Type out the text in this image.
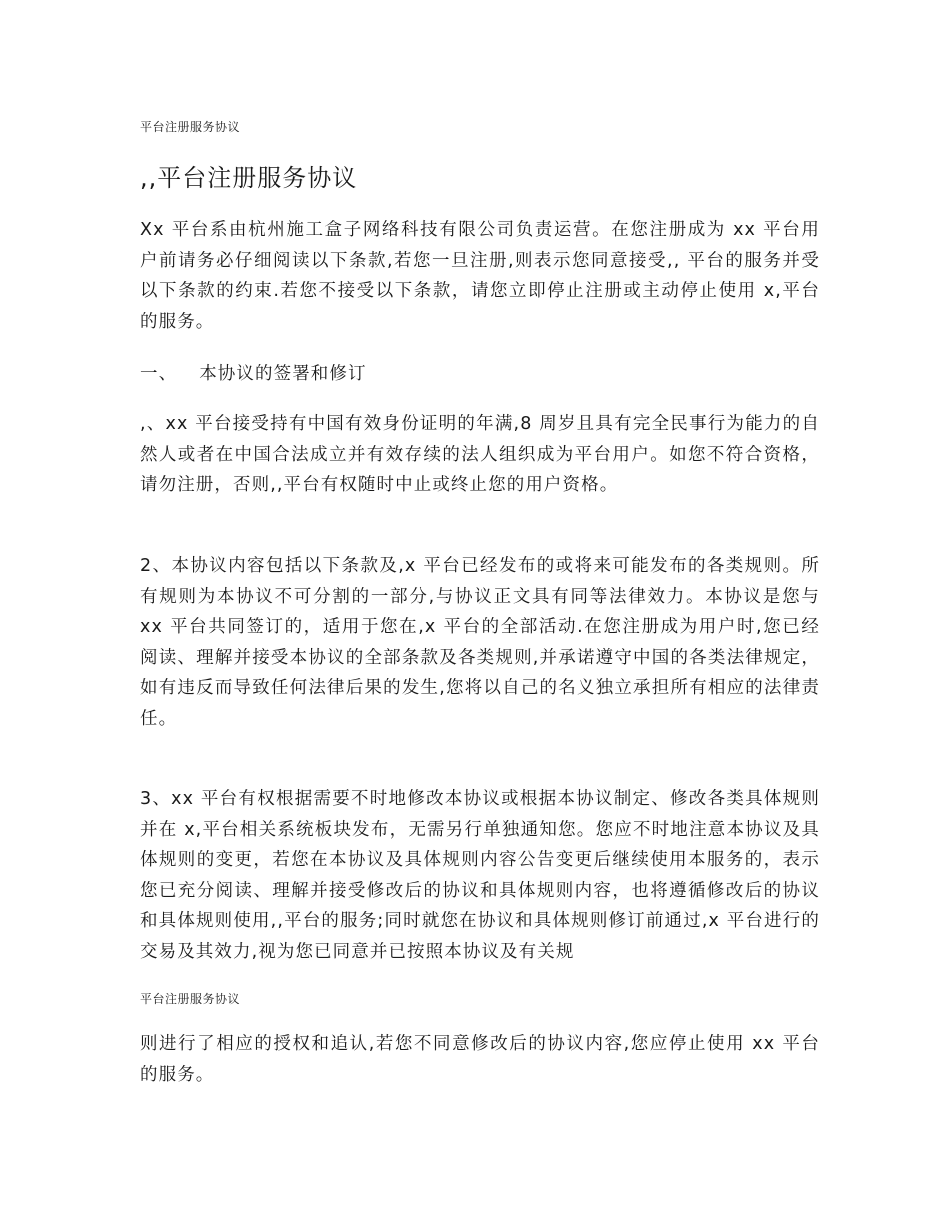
平台注册服务协议
,,平台注册服务协议

Xx 平台系由杭州施工盒子网络科技有限公司负责运营。在您注册成为 xx 平台用户前请务必仔细阅读以下条款,若您一旦注册,则表示您同意接受,, 平台的服务并受以下条款的约束.若您不接受以下条款，请您立即停止注册或主动停止使用 x,平台的服务。

一、 本协议的签署和修订

,、xx 平台接受持有中国有效身份证明的年满,8 周岁且具有完全民事行为能力的自然人或者在中国合法成立并有效存续的法人组织成为平台用户。如您不符合资格，请勿注册，否则,,平台有权随时中止或终止您的用户资格。

2、本协议内容包括以下条款及,x 平台已经发布的或将来可能发布的各类规则。所有规则为本协议不可分割的一部分,与协议正文具有同等法律效力。本协议是您与 xx 平台共同签订的，适用于您在,x 平台的全部活动.在您注册成为用户时,您已经阅读、理解并接受本协议的全部条款及各类规则,并承诺遵守中国的各类法律规定，如有违反而导致任何法律后果的发生,您将以自己的名义独立承担所有相应的法律责任。

3、xx 平台有权根据需要不时地修改本协议或根据本协议制定、修改各类具体规则并在 x,平台相关系统板块发布，无需另行单独通知您。您应不时地注意本协议及具体规则的变更，若您在本协议及具体规则内容公告变更后继续使用本服务的，表示您已充分阅读、理解并接受修改后的协议和具体规则内容，也将遵循修改后的协议和具体规则使用,,平台的服务;同时就您在协议和具体规则修订前通过,x 平台进行的交易及其效力,视为您已同意并已按照本协议及有关规

平台注册服务协议

则进行了相应的授权和追认,若您不同意修改后的协议内容,您应停止使用 xx 平台的服务。
